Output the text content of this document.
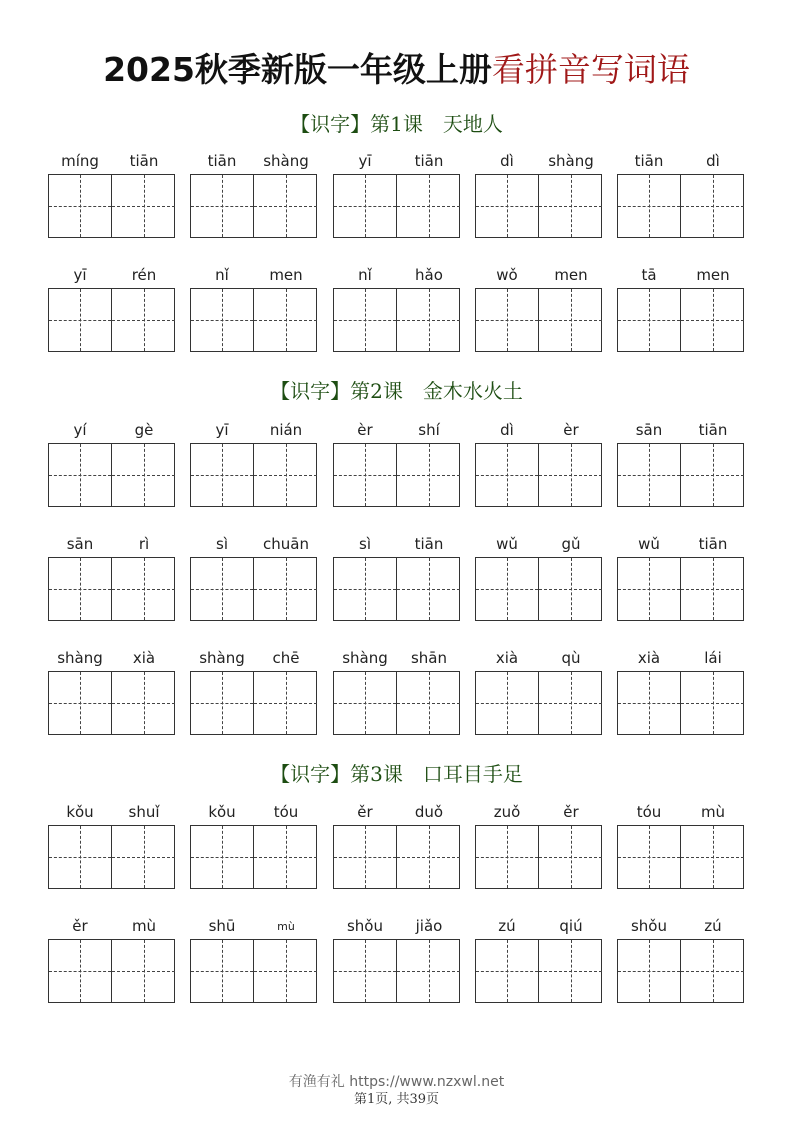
2025秋季新版一年级上册看拼音写词语
【识字】第1课　天地人
míng	tiān	tiān	shàng	yī	tiān	dì	shàng	tiān	dì
yī	rén	nǐ	men	nǐ	hǎo	wǒ	men	tā	men
【识字】第2课　金木水火土
yí	gè	yī	nián	èr	shí	dì	èr	sān	tiān
sān	rì	sì	chuān	sì	tiān	wǔ	gǔ	wǔ	tiān
shàng	xià	shàng	chē	shàng	shān	xià	qù	xià	lái
【识字】第3课　口耳目手足
kǒu	shuǐ	kǒu	tóu	ěr	duǒ	zuǒ	ěr	tóu	mù
ěr	mù	shū	mù	shǒu	jiǎo	zú	qiú	shǒu	zú
有渔有礼 https://www.nzxwl.net
第1页, 共39页
